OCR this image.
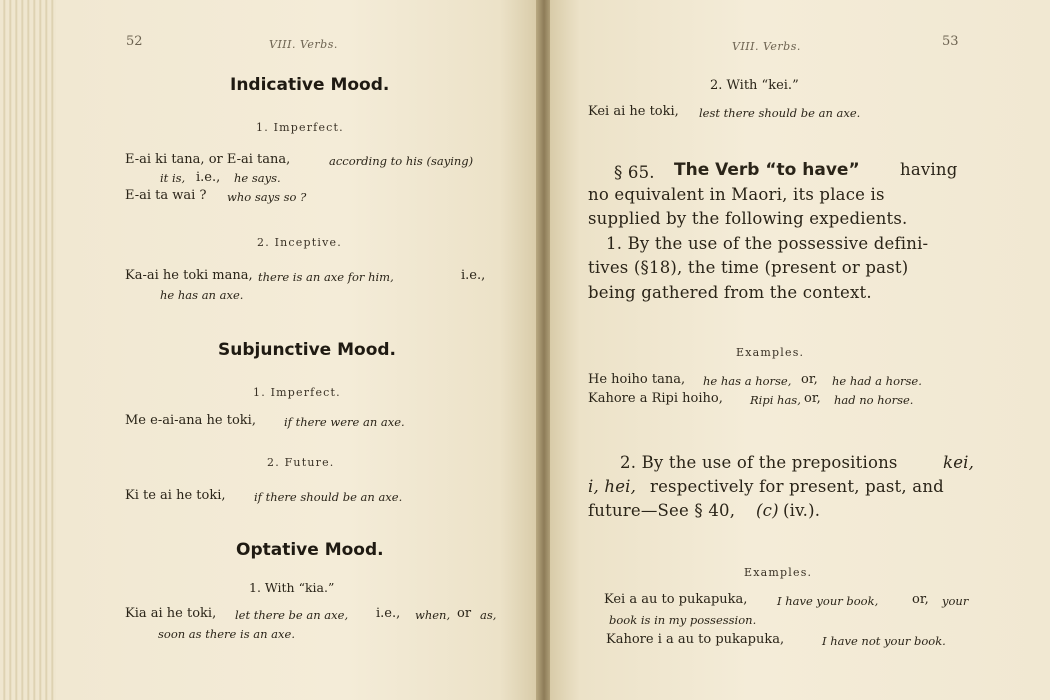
52	VIII. Verbs.
Indicative Mood.
1. Imperfect.
E-ai ki tana, or E-ai tana,	according to his (saying)
it is, i.e., he says.
E-ai ta wai ? who says so ?
2. Inceptive.
Ka-ai he toki mana, there is an axe for him,	i.e.,
he has an axe.
Subjunctive Mood.
1. Imperfect.
Me e-ai-ana he toki, if there were an axe.
2. Future.
Ki te ai he toki, if there should be an axe.
Optative Mood.
1. With “kia.”
Kia ai he toki, let there be an axe, i.e., when, or as,
soon as there is an axe.
VIII. Verbs.	53
2. With “kei.”
Kei ai he toki, lest there should be an axe.
§ 65. The Verb “to have” having
no equivalent in Maori, its place is
supplied by the following expedients.
1. By the use of the possessive defini-
tives (§18), the time (present or past)
being gathered from the context.
Examples.
He hoiho tana, he has a horse, or, he had a horse.
Kahore a Ripi hoiho, Ripi has, or, had no horse.
2. By the use of the prepositions	kei,
i, hei, respectively for present, past, and
future—See § 40, (c) (iv.).
Examples.
Kei a au to pukapuka,	I have your book,	or, your
book is in my possession.
Kahore i a au to pukapuka,	I have not your book.
